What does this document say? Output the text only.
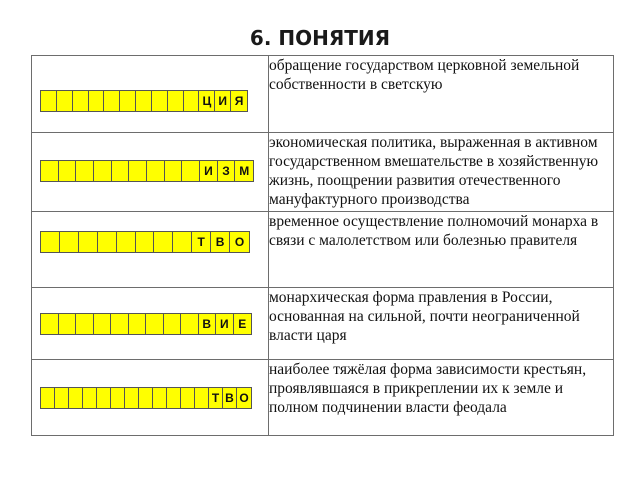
6. ПОНЯТИЯ
Ц И Я	обращение государством церковной земельной собственности в светскую

И З М	экономическая политика, выраженная в активном государственном вмешательстве в хозяйственную жизнь, поощрении развития отечественного мануфактурного производства

Т В О	временное осуществление полномочий монарха в связи с малолетством или болезнью правителя

В И Е	монархическая форма правления в России, основанная на сильной, почти неограниченной власти царя

Т В О	наиболее тяжёлая форма зависимости крестьян, проявлявшаяся в прикреплении их к земле и полном подчинении власти феодала
